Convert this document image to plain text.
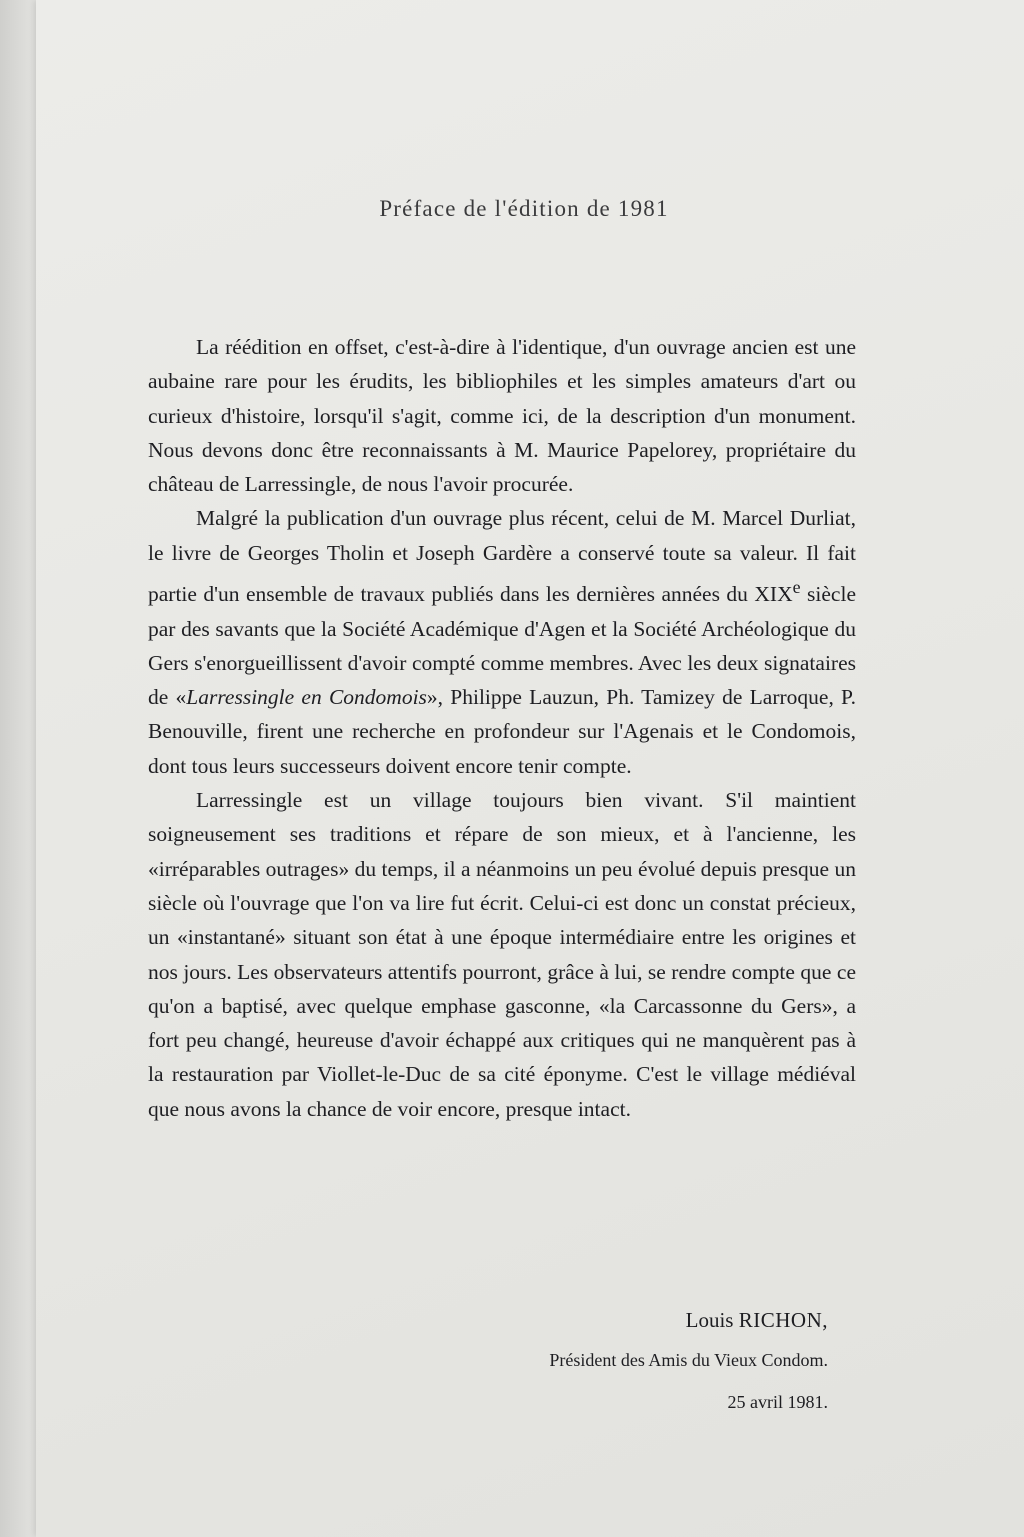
Préface de l'édition de 1981

La réédition en offset, c'est-à-dire à l'identique, d'un ouvrage ancien est une aubaine rare pour les érudits, les bibliophiles et les simples amateurs d'art ou curieux d'histoire, lorsqu'il s'agit, comme ici, de la description d'un monument. Nous devons donc être reconnaissants à M. Maurice Papelorey, propriétaire du château de Larressingle, de nous l'avoir procurée.

Malgré la publication d'un ouvrage plus récent, celui de M. Marcel Durliat, le livre de Georges Tholin et Joseph Gardère a conservé toute sa valeur. Il fait partie d'un ensemble de travaux publiés dans les dernières années du XIXe siècle par des savants que la Société Académique d'Agen et la Société Archéologique du Gers s'enorgueillissent d'avoir compté comme membres. Avec les deux signataires de «Larressingle en Condomois», Philippe Lauzun, Ph. Tamizey de Larroque, P. Benouville, firent une recherche en profondeur sur l'Agenais et le Condomois, dont tous leurs successeurs doivent encore tenir compte.

Larressingle est un village toujours bien vivant. S'il maintient soigneusement ses traditions et répare de son mieux, et à l'ancienne, les «irréparables outrages» du temps, il a néanmoins un peu évolué depuis presque un siècle où l'ouvrage que l'on va lire fut écrit. Celui-ci est donc un constat précieux, un «instantané» situant son état à une époque intermédiaire entre les origines et nos jours. Les observateurs attentifs pourront, grâce à lui, se rendre compte que ce qu'on a baptisé, avec quelque emphase gasconne, «la Carcassonne du Gers», a fort peu changé, heureuse d'avoir échappé aux critiques qui ne manquèrent pas à la restauration par Viollet-le-Duc de sa cité éponyme. C'est le village médiéval que nous avons la chance de voir encore, presque intact.

Louis RICHON,
Président des Amis du Vieux Condom.
25 avril 1981.
